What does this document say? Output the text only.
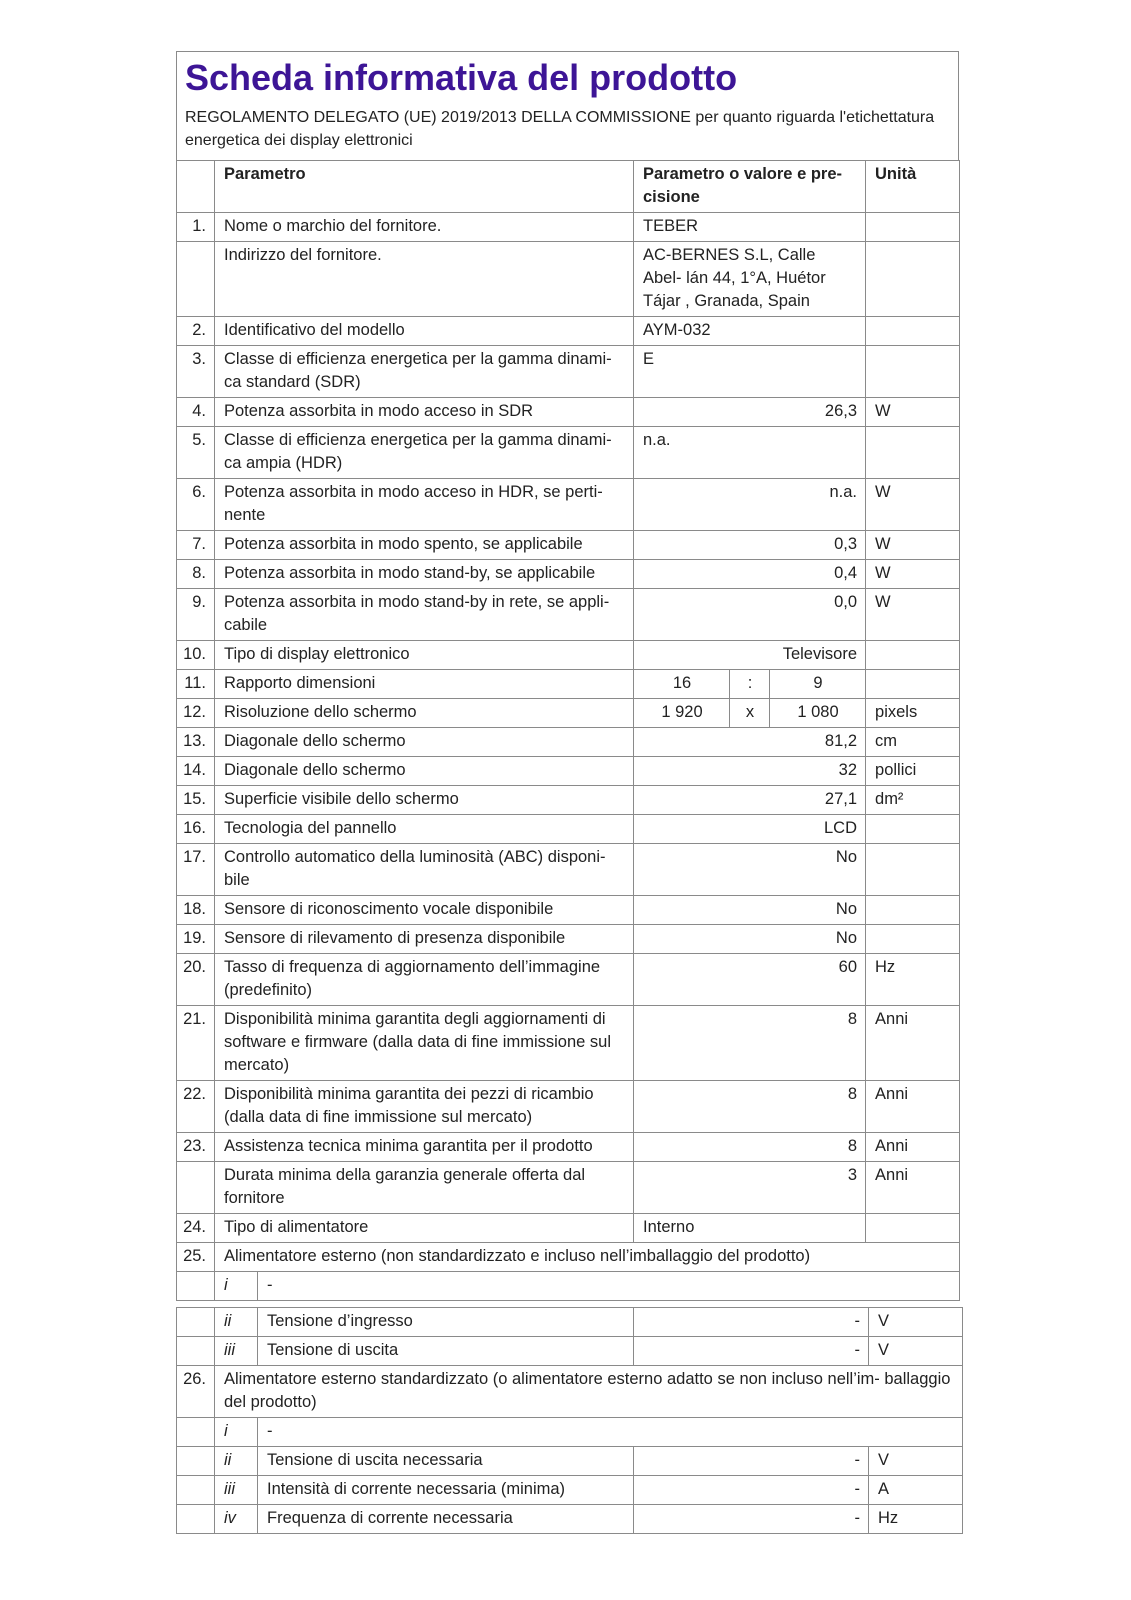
Scheda informativa del prodotto
REGOLAMENTO DELEGATO (UE) 2019/2013 DELLA COMMISSIONE per quanto riguarda l'etichettatura energetica dei display elettronici
	Parametro		Parametro o valore e pre- cisione			Unità
1.	Nome o marchio del fornitore.		TEBER			
	Indirizzo del fornitore.		AC-BERNES S.L, Calle Abel- lán 44, 1°A, Huétor Tájar , Granada, Spain			
2.	Identificativo del modello		AYM-032			
3.	Classe di efficienza energetica per la gamma dinami- ca standard (SDR)		E			
4.	Potenza assorbita in modo acceso in SDR		26,3			W
5.	Classe di efficienza energetica per la gamma dinami- ca ampia (HDR)		n.a.			
6.	Potenza assorbita in modo acceso in HDR, se perti- nente		n.a.			W
7.	Potenza assorbita in modo spento, se applicabile		0,3			W
8.	Potenza assorbita in modo stand-by, se applicabile		0,4			W
9.	Potenza assorbita in modo stand-by in rete, se appli- cabile		0,0			W
10.	Tipo di display elettronico		Televisore			
11.	Rapporto dimensioni		16	:	9	
12.	Risoluzione dello schermo		1 920	x	1 080	pixels
13.	Diagonale dello schermo		81,2			cm
14.	Diagonale dello schermo		32			pollici
15.	Superficie visibile dello schermo		27,1			dm²
16.	Tecnologia del pannello		LCD			
17.	Controllo automatico della luminosità (ABC) disponi- bile		No			
18.	Sensore di riconoscimento vocale disponibile		No			
19.	Sensore di rilevamento di presenza disponibile		No			
20.	Tasso di frequenza di aggiornamento dell’immagine (predefinito)		60			Hz
21.	Disponibilità minima garantita degli aggiornamenti di software e firmware (dalla data di fine immissione sul mercato)		8			Anni
22.	Disponibilità minima garantita dei pezzi di ricambio (dalla data di fine immissione sul mercato)		8			Anni
23.	Assistenza tecnica minima garantita per il prodotto		8			Anni
	Durata minima della garanzia generale offerta dal fornitore		3			Anni
24.	Tipo di alimentatore		Interno			
25.	Alimentatore esterno (non standardizzato e incluso nell’imballaggio del prodotto)					
	i	-				
	ii	Tensione d’ingresso	-	V
	iii	Tensione di uscita	-	V
26.	Alimentatore esterno standardizzato (o alimentatore esterno adatto se non incluso nell’im- ballaggio del prodotto)			
	i	-		
	ii	Tensione di uscita necessaria	-	V
	iii	Intensità di corrente necessaria (minima)	-	A
	iv	Frequenza di corrente necessaria	-	Hz
